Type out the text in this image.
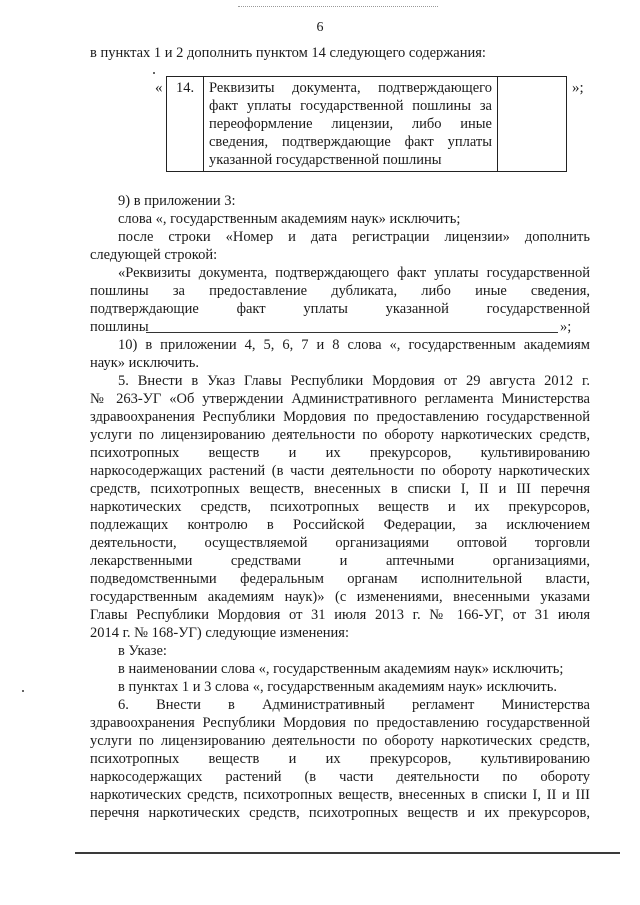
6
в пунктах 1 и 2 дополнить пунктом 14 следующего содержания:
« 14.	Реквизиты документа, подтверждающего
факт уплаты государственной пошлины за
переоформление лицензии, либо иные
сведения, подтверждающие факт уплаты
указанной государственной пошлины

»;
9) в приложении 3:
слова «, государственным академиям наук» исключить;
после строки «Номер и дата регистрации лицензии» дополнить
следующей строкой:
«Реквизиты документа, подтверждающего факт уплаты государственной
пошлины за предоставление дубликата, либо иные сведения,
подтверждающие факт уплаты указанной государственной
пошлины	»;
10) в приложении 4, 5, 6, 7 и 8 слова «, государственным академиям
наук» исключить.
5. Внести в Указ Главы Республики Мордовия от 29 августа 2012 г.
№ 263-УГ «Об утверждении Административного регламента Министерства
здравоохранения Республики Мордовия по предоставлению государственной
услуги по лицензированию деятельности по обороту наркотических средств,
психотропных веществ и их прекурсоров, культивированию
наркосодержащих растений (в части деятельности по обороту наркотических
средств, психотропных веществ, внесенных в списки I, II и III перечня
наркотических средств, психотропных веществ и их прекурсоров,
подлежащих контролю в Российской Федерации, за исключением
деятельности, осуществляемой организациями оптовой торговли
лекарственными средствами и аптечными организациями,
подведомственными федеральным органам исполнительной власти,
государственным академиям наук)» (с изменениями, внесенными указами
Главы Республики Мордовия от 31 июля 2013 г. № 166-УГ, от 31 июля
2014 г. № 168-УГ) следующие изменения:
в Указе:
в наименовании слова «, государственным академиям наук» исключить;
в пунктах 1 и 3 слова «, государственным академиям наук» исключить.
6. Внести в Административный регламент Министерства
здравоохранения Республики Мордовия по предоставлению государственной
услуги по лицензированию деятельности по обороту наркотических средств,
психотропных веществ и их прекурсоров, культивированию
наркосодержащих растений (в части деятельности по обороту
наркотических средств, психотропных веществ, внесенных в списки I, II и III
перечня наркотических средств, психотропных веществ и их прекурсоров,
